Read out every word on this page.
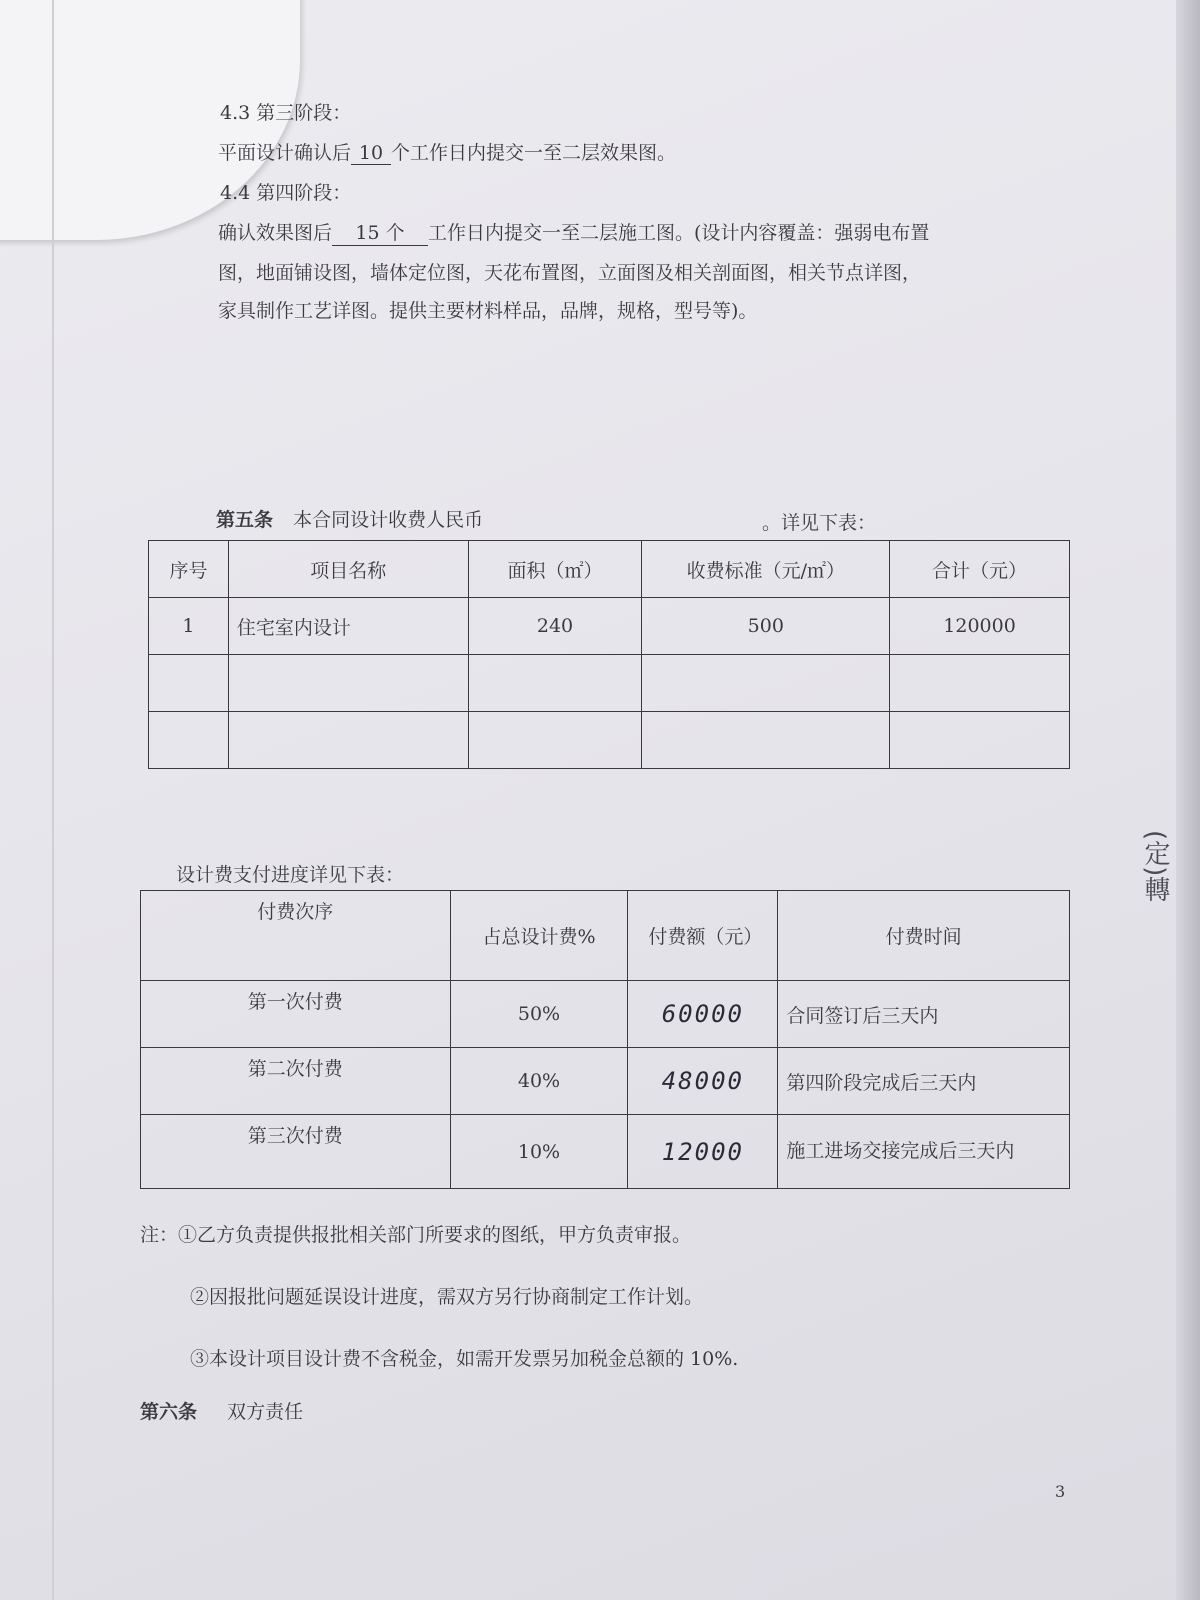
4.3 第三阶段：
平面设计确认后 10 个工作日内提交一至二层效果图。
4.4 第四阶段：
确认效果图后 15 个 工作日内提交一至二层施工图。(设计内容覆盖：强弱电布置
图，地面铺设图，墙体定位图，天花布置图，立面图及相关剖面图，相关节点详图，
家具制作工艺详图。提供主要材料样品，品牌，规格，型号等)。
第五条 本合同设计收费人民币	。详见下表：
序号	项目名称	面积（㎡）	收费标准（元/㎡）	合计（元）
1	住宅室内设计	240	500	120000

设计费支付进度详见下表：
付费次序	占总设计费%	付费额（元）	付费时间
第一次付费	50%	60000	合同签订后三天内
第二次付费	40%	48000	第四阶段完成后三天内
第三次付费	10%	12000	施工进场交接完成后三天内
注：①乙方负责提供报批相关部门所要求的图纸，甲方负责审报。
②因报批问题延误设计进度，需双方另行协商制定工作计划。
③本设计项目设计费不含税金，如需开发票另加税金总额的 10%.
第六条 双方责任
3
(定)轉
